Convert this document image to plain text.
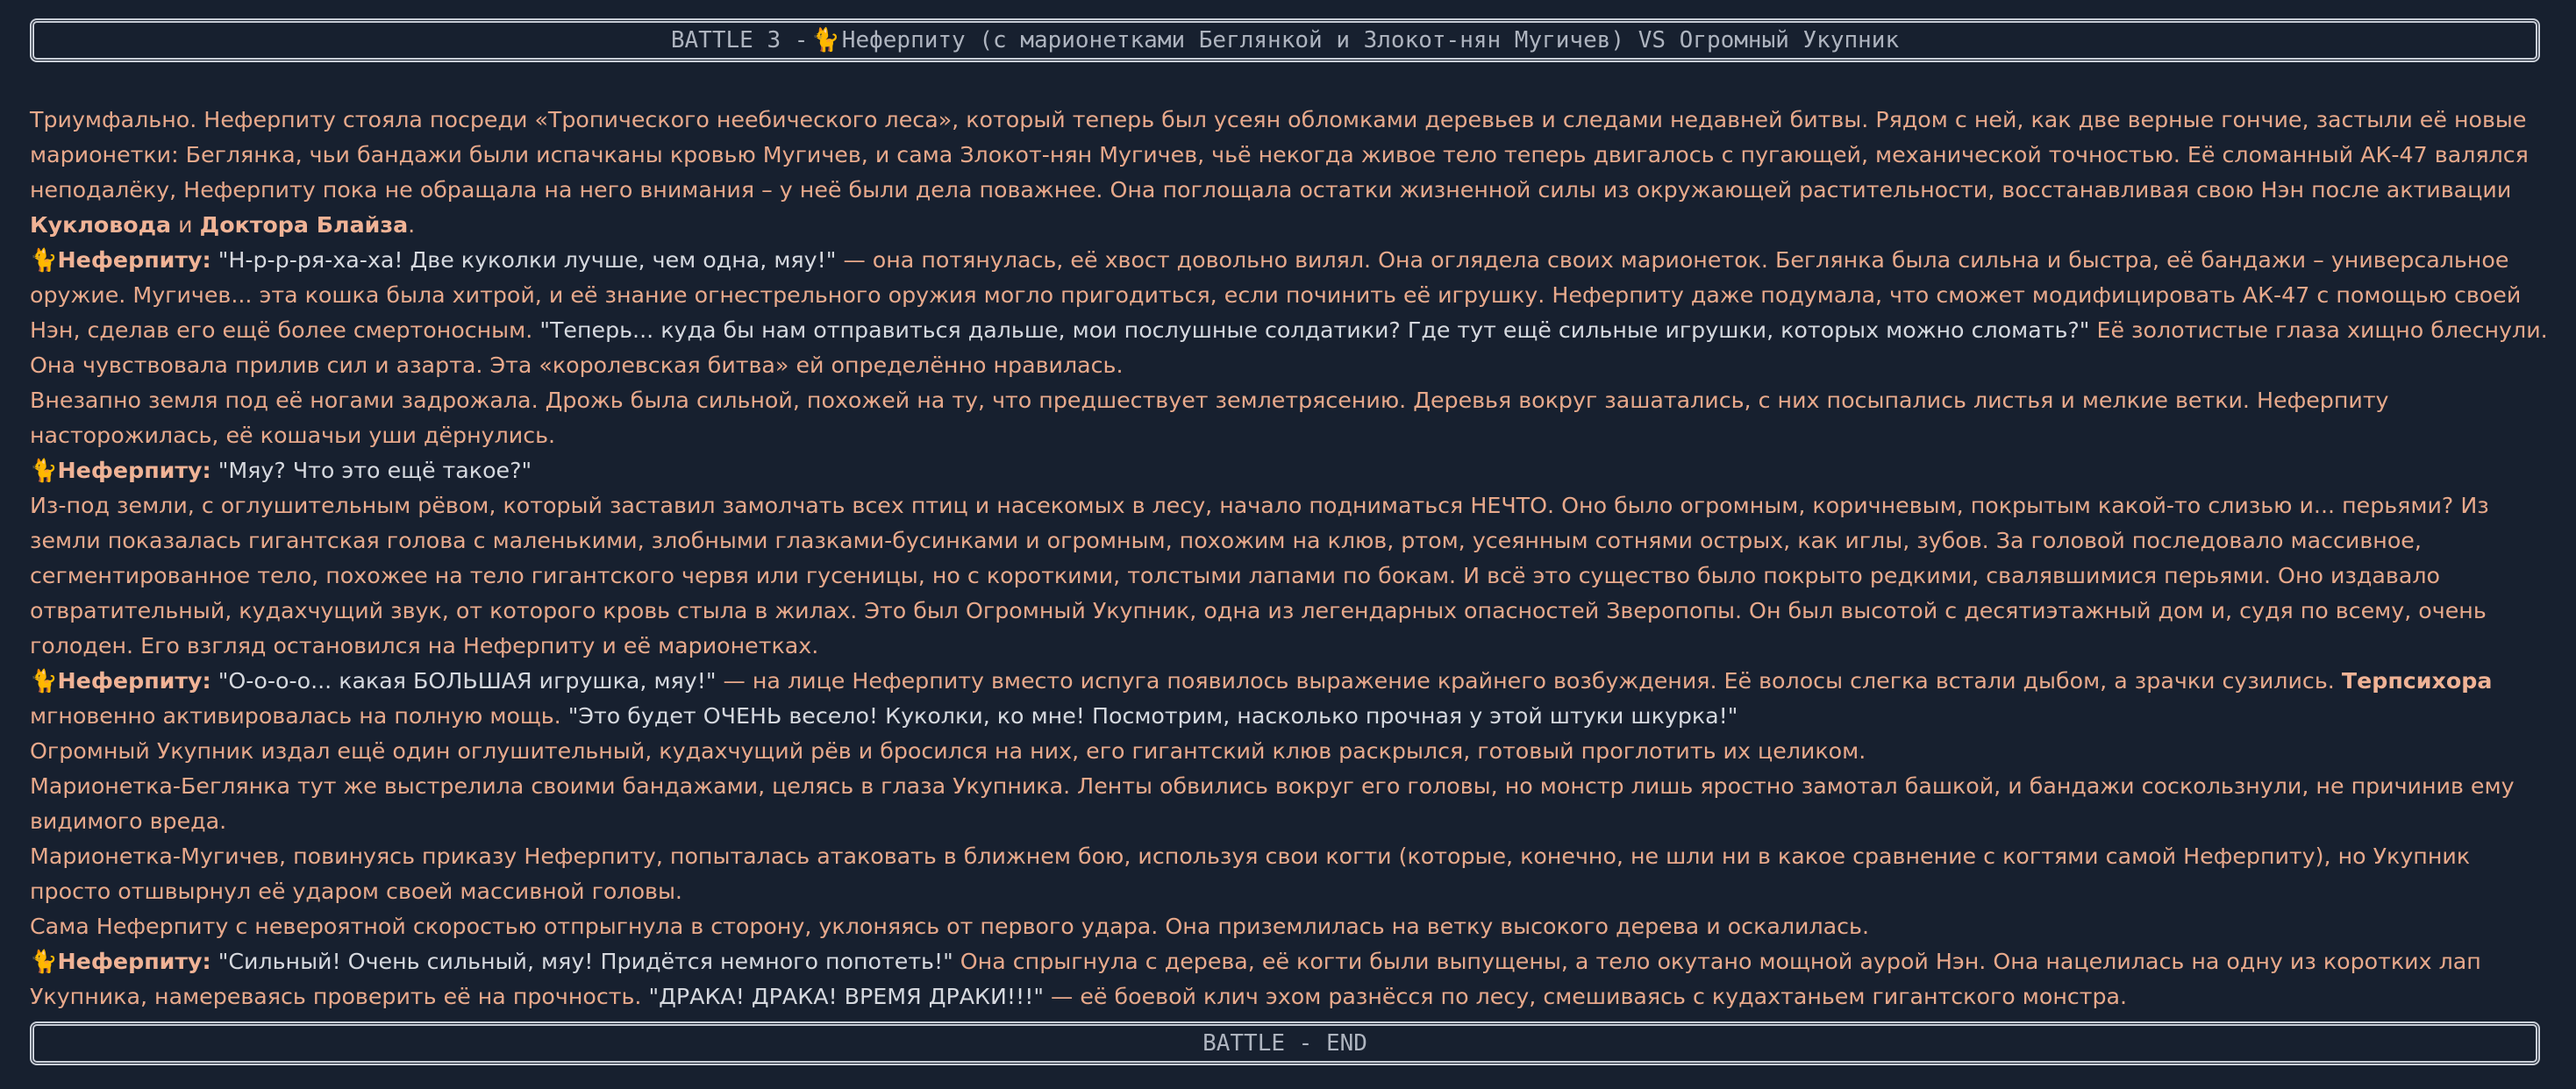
BATTLE 3 - 🐈 Неферпиту (с марионетками Беглянкой и Злокот-нян Мугичев) VS Огромный Укупник

Триумфально. Неферпиту стояла посреди «Тропического неебического леса», который теперь был усеян обломками деревьев и следами недавней битвы. Рядом с ней, как две верные гончие, застыли её новые марионетки: Беглянка, чьи бандажи были испачканы кровью Мугичев, и сама Злокот-нян Мугичев, чьё некогда живое тело теперь двигалось с пугающей, механической точностью. Её сломанный АК-47 валялся неподалёку, Неферпиту пока не обращала на него внимания – у неё были дела поважнее. Она поглощала остатки жизненной силы из окружающей растительности, восстанавливая свою Нэн после активации Кукловода и Доктора Блайза.

🐈Неферпиту: "Н-р-р-ря-ха-ха! Две куколки лучше, чем одна, мяу!" — она потянулась, её хвост довольно вилял. Она оглядела своих марионеток. Беглянка была сильна и быстра, её бандажи – универсальное оружие. Мугичев... эта кошка была хитрой, и её знание огнестрельного оружия могло пригодиться, если починить её игрушку. Неферпиту даже подумала, что сможет модифицировать АК-47 с помощью своей Нэн, сделав его ещё более смертоносным. "Теперь... куда бы нам отправиться дальше, мои послушные солдатики? Где тут ещё сильные игрушки, которых можно сломать?" Её золотистые глаза хищно блеснули. Она чувствовала прилив сил и азарта. Эта «королевская битва» ей определённо нравилась.

Внезапно земля под её ногами задрожала. Дрожь была сильной, похожей на ту, что предшествует землетрясению. Деревья вокруг зашатались, с них посыпались листья и мелкие ветки. Неферпиту насторожилась, её кошачьи уши дёрнулись.

🐈Неферпиту: "Мяу? Что это ещё такое?"

Из-под земли, с оглушительным рёвом, который заставил замолчать всех птиц и насекомых в лесу, начало подниматься НЕЧТО. Оно было огромным, коричневым, покрытым какой-то слизью и... перьями? Из земли показалась гигантская голова с маленькими, злобными глазками-бусинками и огромным, похожим на клюв, ртом, усеянным сотнями острых, как иглы, зубов. За головой последовало массивное, сегментированное тело, похожее на тело гигантского червя или гусеницы, но с короткими, толстыми лапами по бокам. И всё это существо было покрыто редкими, свалявшимися перьями. Оно издавало отвратительный, кудахчущий звук, от которого кровь стыла в жилах. Это был Огромный Укупник, одна из легендарных опасностей Зверопопы. Он был высотой с десятиэтажный дом и, судя по всему, очень голоден. Его взгляд остановился на Неферпиту и её марионетках.

🐈Неферпиту: "О-о-о-о... какая БОЛЬШАЯ игрушка, мяу!" — на лице Неферпиту вместо испуга появилось выражение крайнего возбуждения. Её волосы слегка встали дыбом, а зрачки сузились. Терпсихора мгновенно активировалась на полную мощь. "Это будет ОЧЕНЬ весело! Куколки, ко мне! Посмотрим, насколько прочная у этой штуки шкурка!"

Огромный Укупник издал ещё один оглушительный, кудахчущий рёв и бросился на них, его гигантский клюв раскрылся, готовый проглотить их целиком.

Марионетка-Беглянка тут же выстрелила своими бандажами, целясь в глаза Укупника. Ленты обвились вокруг его головы, но монстр лишь яростно замотал башкой, и бандажи соскользнули, не причинив ему видимого вреда.

Марионетка-Мугичев, повинуясь приказу Неферпиту, попыталась атаковать в ближнем бою, используя свои когти (которые, конечно, не шли ни в какое сравнение с когтями самой Неферпиту), но Укупник просто отшвырнул её ударом своей массивной головы.

Сама Неферпиту с невероятной скоростью отпрыгнула в сторону, уклоняясь от первого удара. Она приземлилась на ветку высокого дерева и оскалилась.

🐈Неферпиту: "Сильный! Очень сильный, мяу! Придётся немного попотеть!" Она спрыгнула с дерева, её когти были выпущены, а тело окутано мощной аурой Нэн. Она нацелилась на одну из коротких лап Укупника, намереваясь проверить её на прочность. "ДРАКА! ДРАКА! ВРЕМЯ ДРАКИ!!!" — её боевой клич эхом разнёсся по лесу, смешиваясь с кудахтаньем гигантского монстра.

BATTLE - END
